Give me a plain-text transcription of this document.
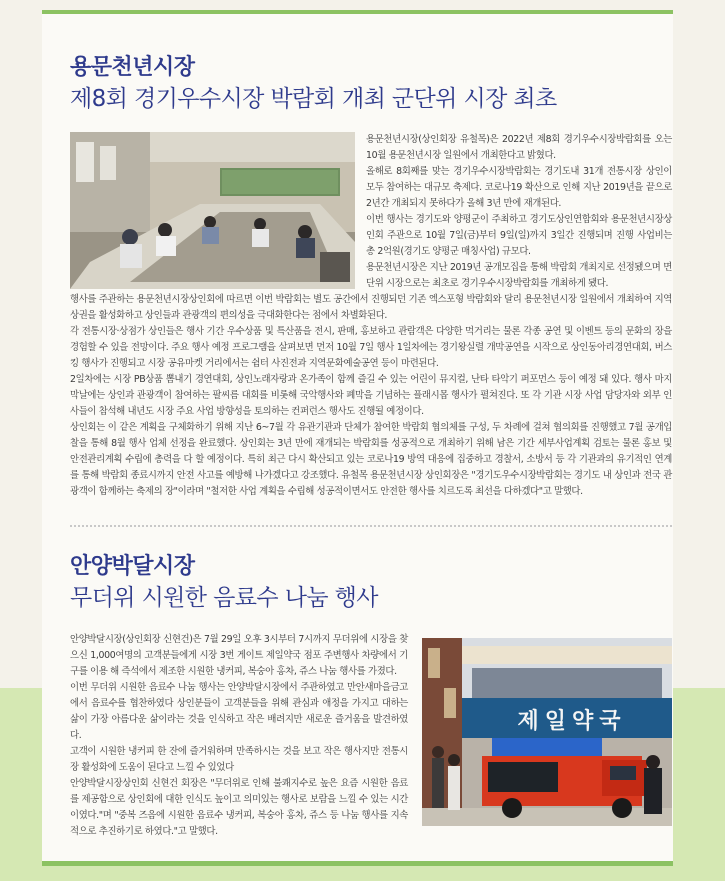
용문천년시장
제8회 경기우수시장 박람회 개최 군단위 시장 최초

용문천년시장(상인회장 유철목)은 2022년 제8회 경기우수시장박람회를 오는 10월 용문천년시장 일원에서 개최한다고 밝혔다.

올해로 8회째를 맞는 경기우수시장박람회는 경기도내 31개 전통시장 상인이 모두 참여하는 대규모 축제다. 코로나19 확산으로 인해 지난 2019년을 끝으로 2년간 개최되지 못하다가 올해 3년 만에 재개된다.

이번 행사는 경기도와 양평군이 주최하고 경기도상인연합회와 용문천년시장상인회 주관으로 10월 7일(금)부터 9일(일)까지 3일간 진행되며 진행 사업비는 총 2억원(경기도 양평군 매칭사업) 규모다.

용문천년시장은 지난 2019년 공개모집을 통해 박람회 개최지로 선정됐으며 면 단위 시장으로는 최초로 경기우수시장박람회를 개최하게 됐다.

행사를 주관하는 용문천년시장상인회에 따르면 이번 박람회는 별도 공간에서 진행되던 기존 엑스포형 박람회와 달리 용문천년시장 일원에서 개최하여 지역상권을 활성화하고 상인들과 관광객의 편의성을 극대화한다는 점에서 차별화된다.

각 전통시장·상점가 상인들은 행사 기간 우수상품 및 특산품을 전시, 판매, 홍보하고 관람객은 다양한 먹거리는 물론 각종 공연 및 이벤트 등의 문화의 장을 경험할 수 있을 전망이다. 주요 행사 예정 프로그램을 살펴보면 먼저 10월 7일 행사 1일차에는 경기왕실렬 개막공연을 시작으로 상인동아리경연대회, 버스킹 행사가 진행되고 시장 공유마켓 거리에서는 쉼터 사진전과 지역문화예술공연 등이 마련된다.

2일차에는 시장 PB상품 뽐내기 경연대회, 상인노래자랑과 온가족이 함께 즐길 수 있는 어린이 뮤지컬, 난타 타악기 퍼포먼스 등이 예정 돼 있다. 행사 마지막날에는 상인과 관광객이 참여하는 팔씨름 대회를 비롯해 국악행사와 폐막을 기념하는 플래시몹 행사가 펼쳐진다. 또 각 기관 시장 사업 담당자와 외부 인사들이 참석해 내년도 시장 주요 사업 방향성을 토의하는 컨퍼런스 행사도 진행될 예정이다.

상인회는 이 같은 계획을 구체화하기 위해 지난 6~7월 각 유관기관과 단체가 참여한 박람회 협의체를 구성, 두 차례에 걸쳐 협의회를 진행했고 7월 공개입찰을 통해 8월 행사 업체 선정을 완료했다. 상인회는 3년 만에 재개되는 박람회를 성공적으로 개최하기 위해 남은 기간 세부사업계획 검토는 물론 홍보 및 안전관리계획 수립에 총력을 다 할 예정이다. 특히 최근 다시 확산되고 있는 코로나19 방역 대응에 집중하고 경찰서, 소방서 등 각 기관과의 유기적인 연계를 통해 박람회 종료시까지 안전 사고를 예방해 나가겠다고 강조했다. 유철목 용문천년시장 상인회장은 "경기도우수시장박람회는 경기도 내 상인과 전국 관광객이 함께하는 축제의 장"이라며 "철저한 사업 계획을 수립해 성공적이면서도 안전한 행사를 치르도록 최선을 다하겠다"고 말했다.

안양박달시장
무더위 시원한 음료수 나눔 행사

안양박달시장(상인회장 신현건)은 7월 29일 오후 3시부터 7시까지 무더위에 시장을 찾으신 1,000여명의 고객분들에게 시장 3번 게이트 제일약국 점포 주변행사 차량에서 기구를 이용 해 즉석에서 제조한 시원한 냉커피, 복숭아 홍차, 쥬스 나눔 행사를 가졌다.

이번 무더위 시원한 음료수 나눔 행사는 안양박달시장에서 주관하였고 만안새마을금고에서 음료수를 협찬하였다 상인분들이 고객분들을 위해 관심과 애정을 가지고 대하는 삶이 가장 아름다운 삶이라는 것을 인식하고 작은 배려지만 새로운 즐거움을 발견하였다.

고객이 시원한 냉커피 한 잔에 즐거워하며 만족하시는 것을 보고 작은 행사지만 전통시장 활성화에 도움이 된다고 느낄 수 있었다

안양박달시장상인회 신현건 회장은 "무더위로 인해 불쾌지수로 높은 요즘 시원한 음료를 제공함으로 상인회에 대한 인식도 높이고 의미있는 행사로 보람을 느낄 수 있는 시간이였다."며 "중복 즈음에 시원한 음료수 냉커피, 복숭아 홍차, 쥬스 등 나눔 행사를 지속적으로 추진하기로 하였다."고 말했다.

제일약국
